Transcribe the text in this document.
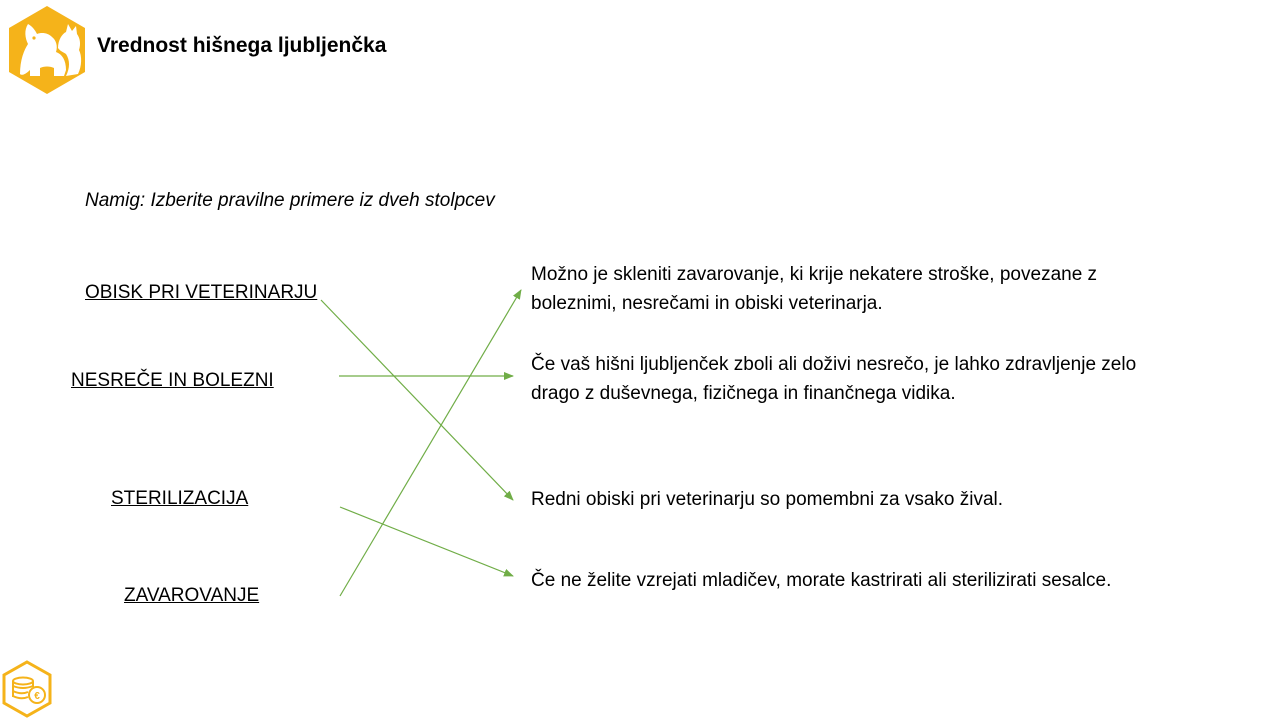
Vrednost hišnega ljubljenčka
Namig: Izberite pravilne primere iz dveh stolpcev
OBISK PRI VETERINARJU
NESREČE IN BOLEZNI
STERILIZACIJA
ZAVAROVANJE
Možno je skleniti zavarovanje, ki krije nekatere stroške, povezane z boleznimi, nesrečami in obiski veterinarja.
Če vaš hišni ljubljenček zboli ali doživi nesrečo, je lahko zdravljenje zelo drago z duševnega, fizičnega in finančnega vidika.
Redni obiski pri veterinarju so pomembni za vsako žival.
Če ne želite vzrejati mladičev, morate kastrirati ali sterilizirati sesalce.
€
